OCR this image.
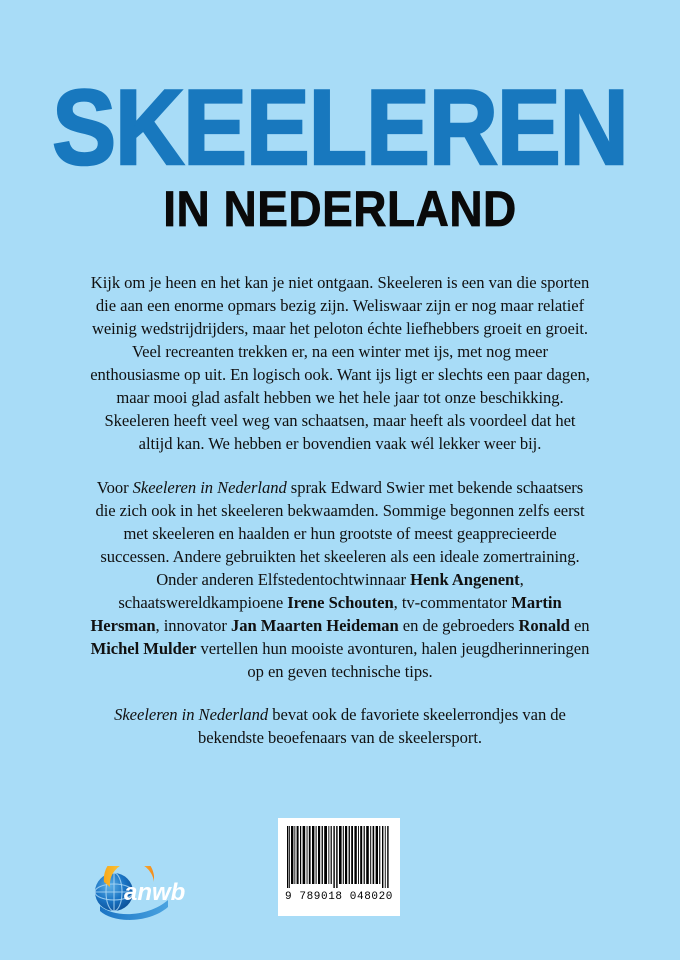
SKEELEREN
IN NEDERLAND

Kijk om je heen en het kan je niet ontgaan. Skeeleren is een van die sporten die aan een enorme opmars bezig zijn. Weliswaar zijn er nog maar relatief weinig wedstrijdrijders, maar het peloton échte liefhebbers groeit en groeit. Veel recreanten trekken er, na een winter met ijs, met nog meer enthousiasme op uit. En logisch ook. Want ijs ligt er slechts een paar dagen, maar mooi glad asfalt hebben we het hele jaar tot onze beschikking. Skeeleren heeft veel weg van schaatsen, maar heeft als voordeel dat het altijd kan. We hebben er bovendien vaak wél lekker weer bij.

Voor Skeeleren in Nederland sprak Edward Swier met bekende schaatsers die zich ook in het skeeleren bekwaamden. Sommige begonnen zelfs eerst met skeeleren en haalden er hun grootste of meest geapprecieerde successen. Andere gebruikten het skeeleren als een ideale zomertraining. Onder anderen Elfstedentochtwinnaar Henk Angenent, schaatswereldkampioene Irene Schouten, tv-commentator Martin Hersman, innovator Jan Maarten Heideman en de gebroeders Ronald en Michel Mulder vertellen hun mooiste avonturen, halen jeugdherinneringen op en geven technische tips.

Skeeleren in Nederland bevat ook de favoriete skeelerrondjes van de bekendste beoefenaars van de skeelersport.

9 789018 048020
anwb
